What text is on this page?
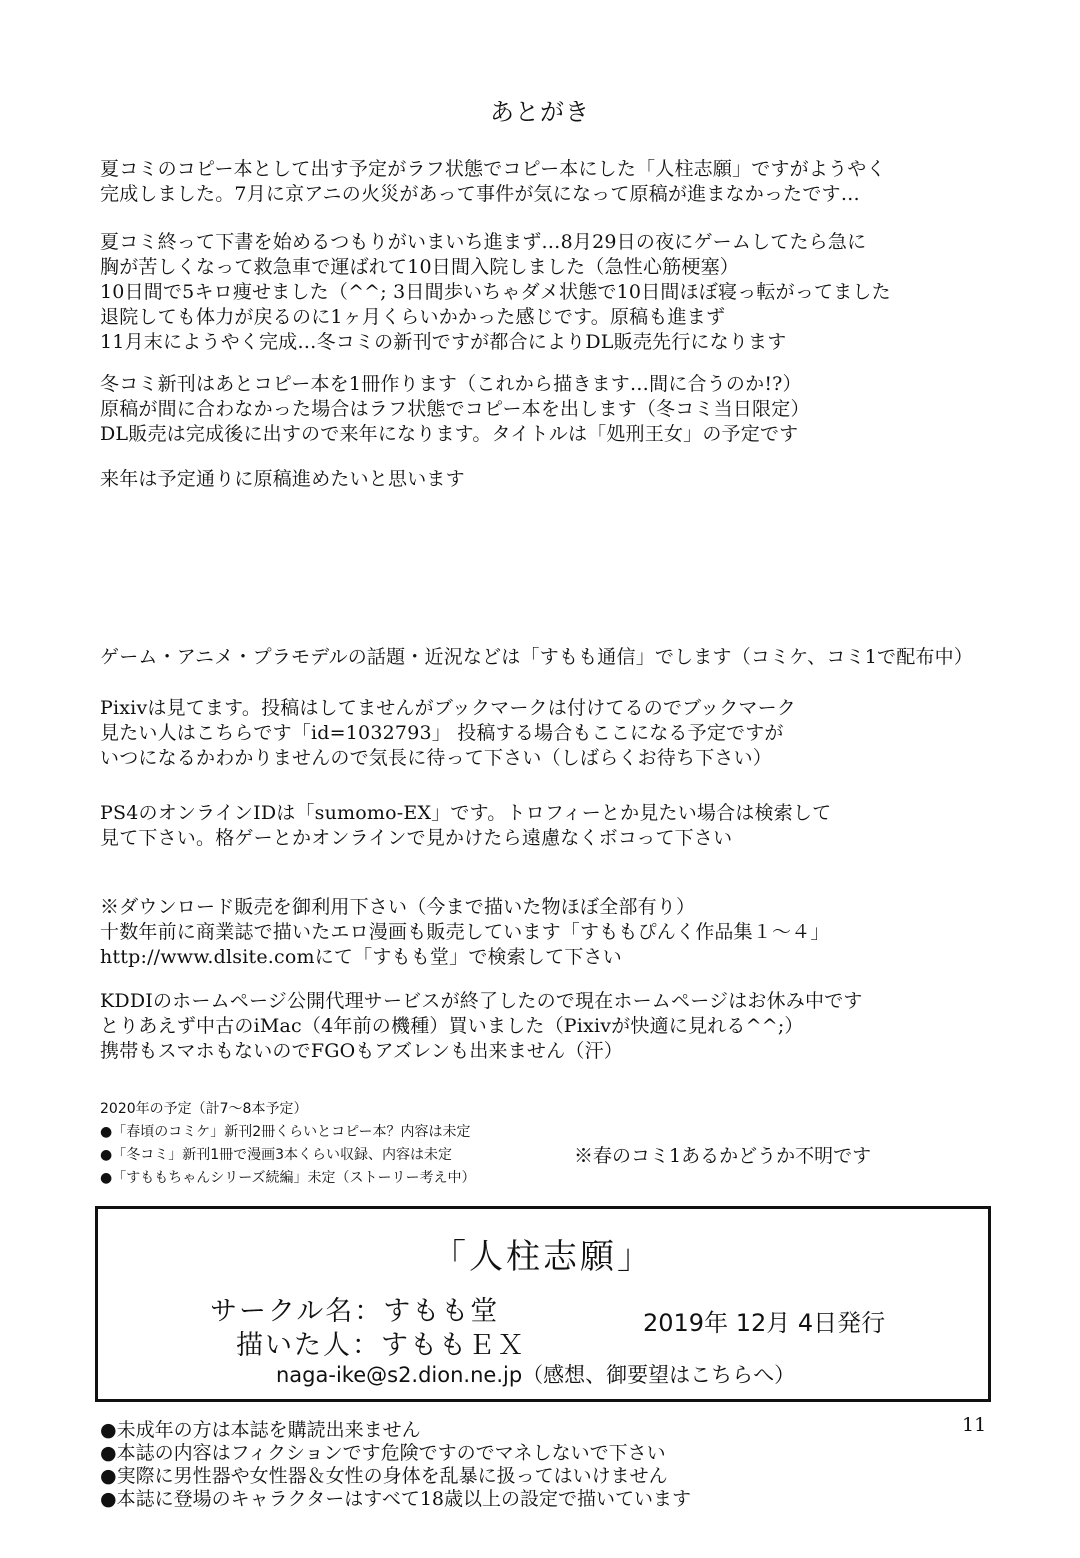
あとがき
夏コミのコピー本として出す予定がラフ状態でコピー本にした「人柱志願」ですがようやく
完成しました。7月に京アニの火災があって事件が気になって原稿が進まなかったです…
夏コミ終って下書を始めるつもりがいまいち進まず…8月29日の夜にゲームしてたら急に
胸が苦しくなって救急車で運ばれて10日間入院しました（急性心筋梗塞）
10日間で5キロ痩せました（^^; 3日間歩いちゃダメ状態で10日間ほぼ寝っ転がってました
退院しても体力が戻るのに1ヶ月くらいかかった感じです。原稿も進まず
11月末にようやく完成…冬コミの新刊ですが都合によりDL販売先行になります
冬コミ新刊はあとコピー本を1冊作ります（これから描きます…間に合うのか!?）
原稿が間に合わなかった場合はラフ状態でコピー本を出します（冬コミ当日限定）
DL販売は完成後に出すので来年になります。タイトルは「処刑王女」の予定です
来年は予定通りに原稿進めたいと思います
ゲーム・アニメ・プラモデルの話題・近況などは「すもも通信」でします（コミケ、コミ1で配布中）
Pixivは見てます。投稿はしてませんがブックマークは付けてるのでブックマーク
見たい人はこちらです「id=1032793」 投稿する場合もここになる予定ですが
いつになるかわかりませんので気長に待って下さい（しばらくお待ち下さい）
PS4のオンラインIDは「sumomo-EX」です。トロフィーとか見たい場合は検索して
見て下さい。格ゲーとかオンラインで見かけたら遠慮なくボコって下さい
※ダウンロード販売を御利用下さい（今まで描いた物ほぼ全部有り）
十数年前に商業誌で描いたエロ漫画も販売しています「すももぴんく作品集１～４」
http://www.dlsite.comにて「すもも堂」で検索して下さい
KDDIのホームページ公開代理サービスが終了したので現在ホームページはお休み中です
とりあえず中古のiMac（4年前の機種）買いました（Pixivが快適に見れる^^;）
携帯もスマホもないのでFGOもアズレンも出来ません（汗）
2020年の予定（計7～8本予定）
●「春頃のコミケ」新刊2冊くらいとコピー本？内容は未定
●「冬コミ」新刊1冊で漫画3本くらい収録、内容は未定
●「すももちゃんシリーズ続編」未定（ストーリー考え中）
※春のコミ1あるかどうか不明です
「人柱志願」
サークル名：すもも堂
描いた人：すももＥＸ
2019年 12月 4日発行
naga-ike@s2.dion.ne.jp（感想、御要望はこちらへ）
11
●未成年の方は本誌を購読出来ません
●本誌の内容はフィクションです危険ですのでマネしないで下さい
●実際に男性器や女性器＆女性の身体を乱暴に扱ってはいけません
●本誌に登場のキャラクターはすべて18歳以上の設定で描いています
